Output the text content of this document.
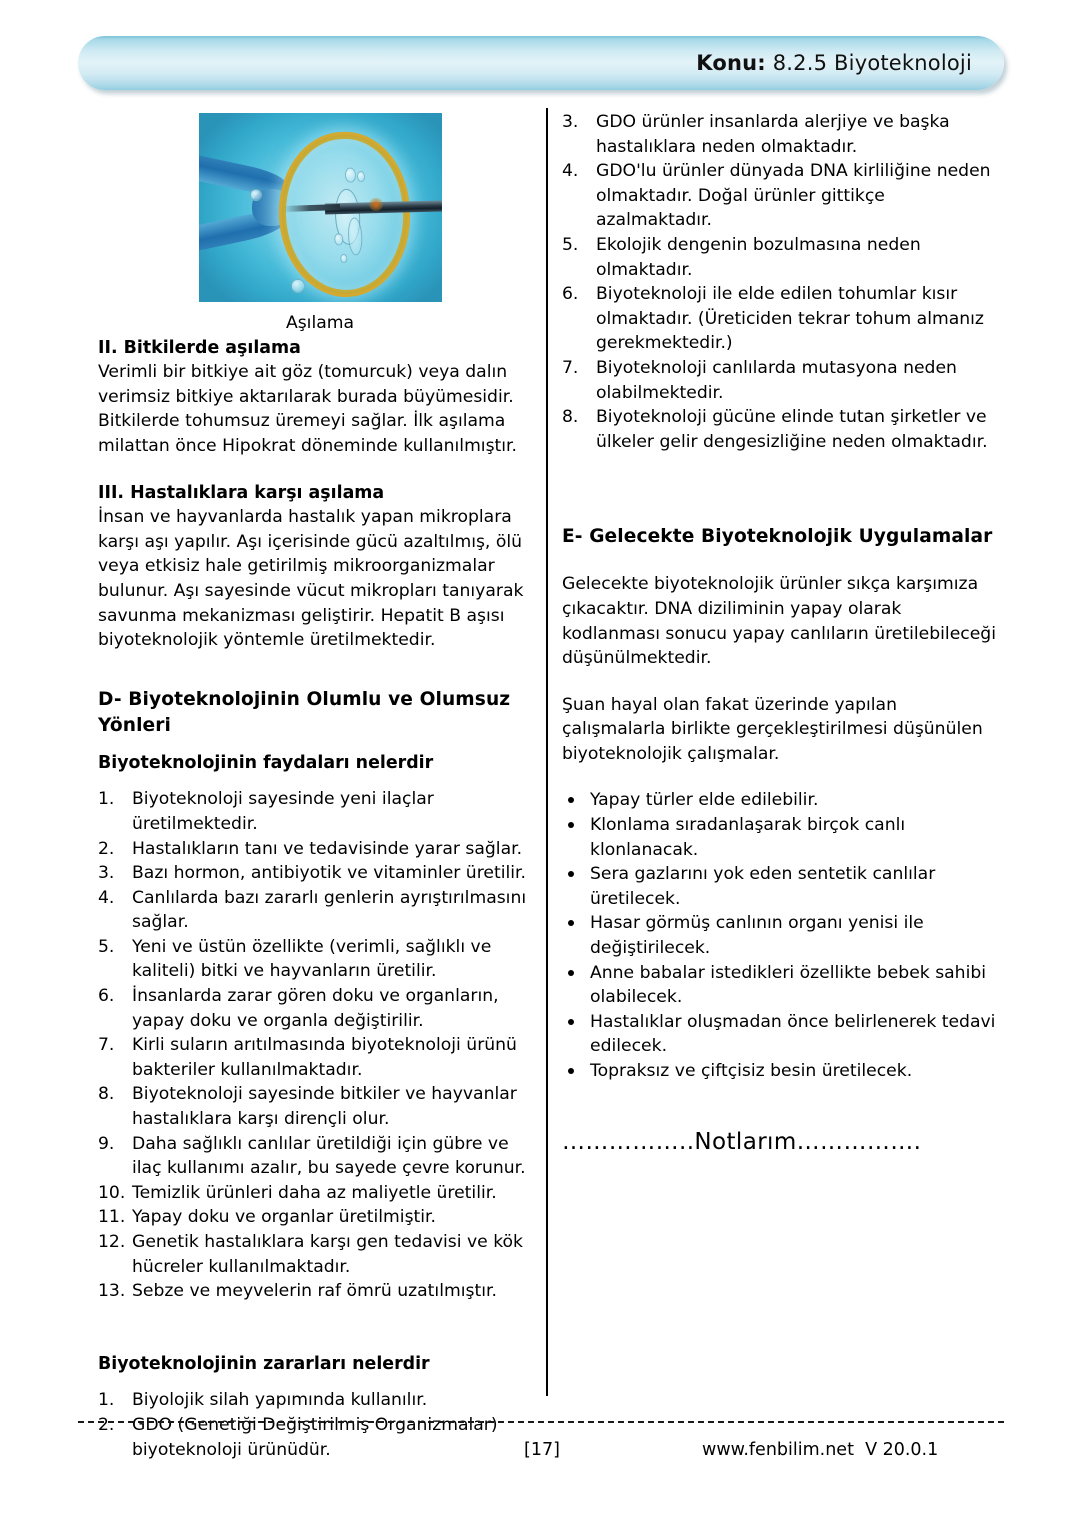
Konu: 8.2.5 Biyoteknoloji
Aşılama
II. Bitkilerde aşılama

Verimli bir bitkiye ait göz (tomurcuk) veya dalın verimsiz bitkiye aktarılarak burada büyümesidir.

Bitkilerde tohumsuz üremeyi sağlar. İlk aşılama milattan önce Hipokrat döneminde kullanılmıştır.

III. Hastalıklara karşı aşılama

İnsan ve hayvanlarda hastalık yapan mikroplara karşı aşı yapılır. Aşı içerisinde gücü azaltılmış, ölü veya etkisiz hale getirilmiş mikroorganizmalar bulunur. Aşı sayesinde vücut mikropları tanıyarak savunma mekanizması geliştirir. Hepatit B aşısı biyoteknolojik yöntemle üretilmektedir.

D- Biyoteknolojinin Olumlu ve Olumsuz Yönleri
Biyoteknolojinin faydaları nelerdir
1.	Biyoteknoloji sayesinde yeni ilaçlar üretilmektedir.
2.	Hastalıkların tanı ve tedavisinde yarar sağlar.
3.	Bazı hormon, antibiyotik ve vitaminler üretilir.
4.	Canlılarda bazı zararlı genlerin ayrıştırılmasını sağlar.
5.	Yeni ve üstün özellikte (verimli, sağlıklı ve kaliteli) bitki ve hayvanların üretilir.
6.	İnsanlarda zarar gören doku ve organların, yapay doku ve organla değiştirilir.
7.	Kirli suların arıtılmasında biyoteknoloji ürünü bakteriler kullanılmaktadır.
8.	Biyoteknoloji sayesinde bitkiler ve hayvanlar hastalıklara karşı dirençli olur.
9.	Daha sağlıklı canlılar üretildiği için gübre ve ilaç kullanımı azalır, bu sayede çevre korunur.
10. Temizlik ürünleri daha az maliyetle üretilir.
11. Yapay doku ve organlar üretilmiştir.
12. Genetik hastalıklara karşı gen tedavisi ve kök hücreler kullanılmaktadır.
13. Sebze ve meyvelerin raf ömrü uzatılmıştır.
Biyoteknolojinin zararları nelerdir
1.	Biyolojik silah yapımında kullanılır.
2.	GDO (Genetiği Değiştirilmiş Organizmalar) biyoteknoloji ürünüdür.
3.	GDO ürünler insanlarda alerjiye ve başka hastalıklara neden olmaktadır.
4.	GDO'lu ürünler dünyada DNA kirliliğine neden olmaktadır. Doğal ürünler gittikçe azalmaktadır.
5.	Ekolojik dengenin bozulmasına neden olmaktadır.
6.	Biyoteknoloji ile elde edilen tohumlar kısır olmaktadır. (Üreticiden tekrar tohum almanız gerekmektedir.)
7.	Biyoteknoloji canlılarda mutasyona neden olabilmektedir.
8.	Biyoteknoloji gücüne elinde tutan şirketler ve ülkeler gelir dengesizliğine neden olmaktadır.
E- Gelecekte Biyoteknolojik Uygulamalar

Gelecekte biyoteknolojik ürünler sıkça karşımıza çıkacaktır. DNA diziliminin yapay olarak kodlanması sonucu yapay canlıların üretilebileceği düşünülmektedir.

Şuan hayal olan fakat üzerinde yapılan çalışmalarla birlikte gerçekleştirilmesi düşünülen biyoteknolojik çalışmalar.

Yapay türler elde edilebilir.
Klonlama sıradanlaşarak birçok canlı klonlanacak.
Sera gazlarını yok eden sentetik canlılar üretilecek.
Hasar görmüş canlının organı yenisi ile değiştirilecek.
Anne babalar istedikleri özellikte bebek sahibi olabilecek.
Hastalıklar oluşmadan önce belirlenerek tedavi edilecek.
Topraksız ve çiftçisiz besin üretilecek.

……………..Notlarım…………….

[17]	www.fenbilim.net  V 20.0.1
